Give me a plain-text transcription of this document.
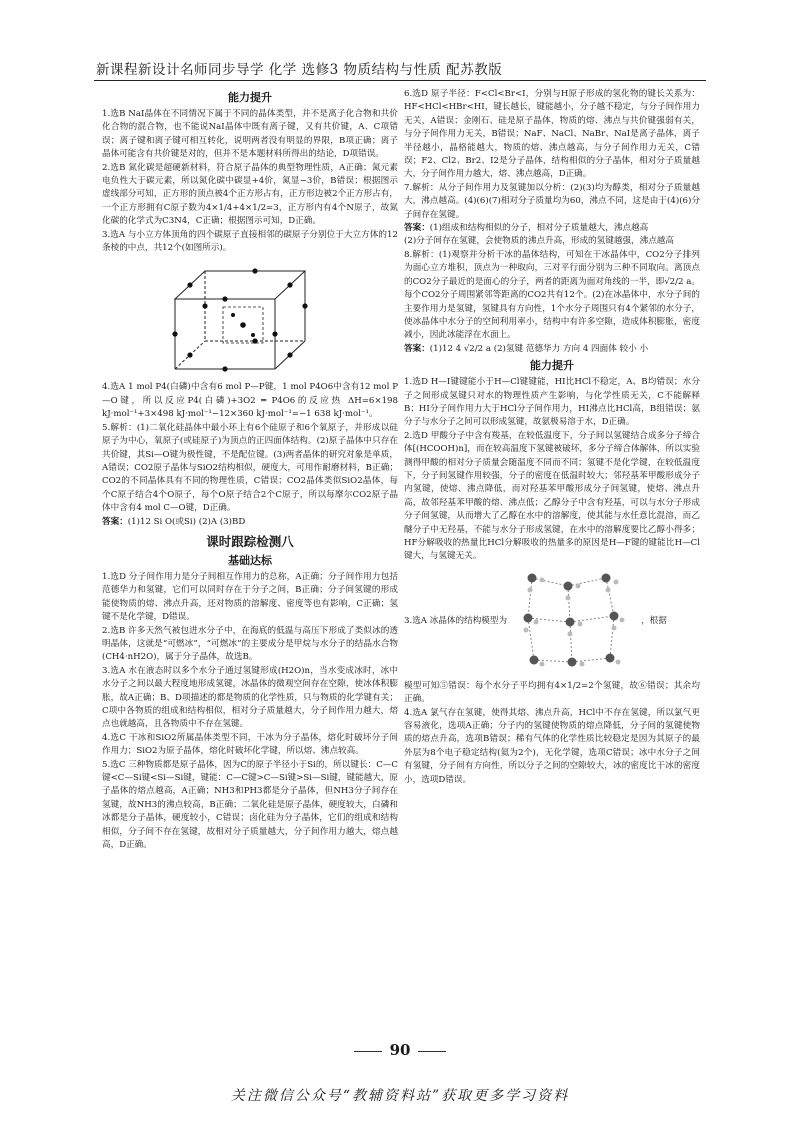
新课程新设计名师同步导学 化学 选修3 物质结构与性质 配苏教版
能力提升

1.选B NaI晶体在不同情况下属于不同的晶体类型，并不是离子化合物和共价化合物的混合物，也不能说NaI晶体中既有离子键，又有共价键，A、C项错误；离子键和离子键可相互转化，说明两者没有明显的界限，B项正确；离子晶体可能含有共价键是对的，但并不是本题材料所得出的结论，D项错误。

2.选B 氮化碳是超硬新材料，符合原子晶体的典型物理性质，A正确；氮元素电负性大于碳元素，所以氮化碳中碳显+4价，氮显−3价，B错误；根据图示虚线部分可知，正方形的顶点被4个正方形占有，正方形边被2个正方形占有，一个正方形拥有C原子数为4×1/4+4×1/2=3，正方形内有4个N原子，故氮化碳的化学式为C3N4，C正确；根据图示可知，D正确。

3.选A 与小立方体顶角的四个碳原子直接相邻的碳原子分别位于大立方体的12条棱的中点，共12个(如图所示)。

4.选A 1 mol P4(白磷)中含有6 mol P—P键，1 mol P4O6中含有12 mol P—O键，所以反应P4(白磷)+3O2 ═ P4O6的反应热 ΔH=6×198 kJ·mol⁻¹+3×498 kJ·mol⁻¹−12×360 kJ·mol⁻¹=−1 638 kJ·mol⁻¹。

5.解析：(1)二氧化硅晶体中最小环上有6个硅原子和6个氧原子，并形成以硅原子为中心，氧原子(或硅原子)为顶点的正四面体结构。(2)原子晶体中只存在共价键，其Si—O键为极性键，不是配位键。(3)两者晶体的研究对象是单质，A错误；CO2原子晶体与SiO2结构相似，硬度大，可用作耐磨材料，B正确；CO2的不同晶体具有不同的物理性质，C错误；CO2晶体类似SiO2晶体，每个C原子结合4个O原子，每个O原子结合2个C原子，所以每摩尔CO2原子晶体中含有4 mol C—O键，D正确。

答案：(1)12 Si O(或Si) (2)A (3)BD

课时跟踪检测八
基础达标

1.选D 分子间作用力是分子间相互作用力的总称，A正确；分子间作用力包括范德华力和氢键，它们可以同时存在于分子之间，B正确；分子间氢键的形成能使物质的熔、沸点升高，还对物质的溶解度、密度等也有影响，C正确；氢键不是化学键，D错误。

2.选B 许多天然气被包进水分子中，在海底的低温与高压下形成了类似冰的透明晶体，这就是“可燃冰”，“可燃冰”的主要成分是甲烷与水分子的结晶水合物(CH4·nH2O)，属于分子晶体，故选B。

3.选A 水在液态时以多个水分子通过氢键形成(H2O)n，当水变成冰时，冰中水分子之间以最大程度地形成氢键，冰晶体的微观空间存在空隙，使冰体积膨胀，故A正确；B、D项描述的都是物质的化学性质，只与物质的化学键有关；C项中各物质的组成和结构相似，相对分子质量越大，分子间作用力越大，熔点也就越高，且各物质中不存在氢键。

4.选C 干冰和SiO2所属晶体类型不同，干冰为分子晶体，熔化时破坏分子间作用力；SiO2为原子晶体，熔化时破坏化学键，所以熔、沸点较高。

5.选C 三种物质都是原子晶体，因为C的原子半径小于Si的，所以键长：C—C键<C—Si键<Si—Si键，键能：C—C键>C—Si键>Si—Si键，键能越大，原子晶体的熔点越高，A正确；NH3和PH3都是分子晶体，但NH3分子间存在氢键，故NH3的沸点较高，B正确；二氧化硅是原子晶体，硬度较大，白磷和冰都是分子晶体，硬度较小，C错误；卤化硅为分子晶体，它们的组成和结构相似，分子间不存在氢键，故相对分子质量越大，分子间作用力越大，熔点越高，D正确。

6.选D 原子半径：F<Cl<Br<I，分别与H原子形成的氢化物的键长关系为：HF<HCl<HBr<HI，键长越长，键能越小，分子越不稳定，与分子间作用力无关，A错误；金刚石、硅是原子晶体，物质的熔、沸点与共价键强弱有关，与分子间作用力无关，B错误；NaF、NaCl、NaBr、NaI是离子晶体，离子半径越小，晶格能越大，物质的熔、沸点越高，与分子间作用力无关，C错误；F2、Cl2、Br2、I2是分子晶体，结构相似的分子晶体，相对分子质量越大，分子间作用力越大，熔、沸点越高，D正确。

7.解析：从分子间作用力及氢键加以分析：(2)(3)均为醇类，相对分子质量越大，沸点越高。(4)(6)(7)相对分子质量均为60，沸点不同，这是由于(4)(6)分子间存在氢键。

答案：(1)组成和结构相似的分子，相对分子质量越大，沸点越高

(2)分子间存在氢键，会使物质的沸点升高，形成的氢键越强，沸点越高

8.解析：(1)观察并分析干冰的晶体结构，可知在干冰晶体中，CO2分子排列为面心立方堆积，顶点为一种取向，三对平行面分别为三种不同取向。离顶点的CO2分子最近的是面心的分子，两者的距离为面对角线的一半，即√2/2 a。每个CO2分子周围紧邻等距离的CO2共有12个。(2)在冰晶体中，水分子间的主要作用力是氢键，氢键具有方向性，1个水分子周围只有4个紧邻的水分子，使冰晶体中水分子的空间利用率小，结构中有许多空隙，造成体积膨胀，密度减小，因此冰能浮在水面上。

答案：(1)12 4 √2/2 a (2)氢键 范德华力 方向 4 四面体 较小 小

能力提升

1.选D H—I键键能小于H—Cl键键能，HI比HCl不稳定，A、B均错误；水分子之间形成氢键只对水的物理性质产生影响，与化学性质无关，C不能解释B；HI分子间作用力大于HCl分子间作用力，HI沸点比HCl高，B组错误；氨分子与水分子之间可以形成氢键，故氨极易溶于水，D正确。

2.选D 甲酸分子中含有羧基，在较低温度下，分子间以氢键结合成多分子缔合体[(HCOOH)n]，而在较高温度下氢键被破坏，多分子缔合体解体，所以实验测得甲酸的相对分子质量会随温度不同而不同；氢键不是化学键，在较低温度下，分子间氢键作用较强，分子的密度在低温时较大；邻羟基苯甲酸形成分子内氢键，使熔、沸点降低，而对羟基苯甲酸形成分子间氢键，使熔、沸点升高，故邻羟基苯甲酸的熔、沸点低；乙醇分子中含有羟基，可以与水分子形成分子间氢键，从而增大了乙醇在水中的溶解度，使其能与水任意比混溶，而乙醚分子中无羟基，不能与水分子形成氢键，在水中的溶解度要比乙醇小得多；HF分解吸收的热量比HCl分解吸收的热量多的原因是H—F键的键能比H—Cl键大，与氢键无关。

3.选A 冰晶体的结构模型为	，根据

模型可知⑤错误：每个水分子平均拥有4×1/2=2个氢键，故⑥错误；其余均正确。

4.选A 氯气存在氢键，使得其熔、沸点升高，HCl中不存在氢键，所以氯气更容易液化，选项A正确；分子内的氢键使物质的熔点降低，分子间的氢键使物质的熔点升高，选项B错误；稀有气体的化学性质比较稳定是因为其原子的最外层为8个电子稳定结构(氦为2个)，无化学键，选项C错误；冰中水分子之间有氢键，分子间有方向性，所以分子之间的空隙较大，冰的密度比干冰的密度小，选项D错误。

90
关注微信公众号“教辅资料站”获取更多学习资料
